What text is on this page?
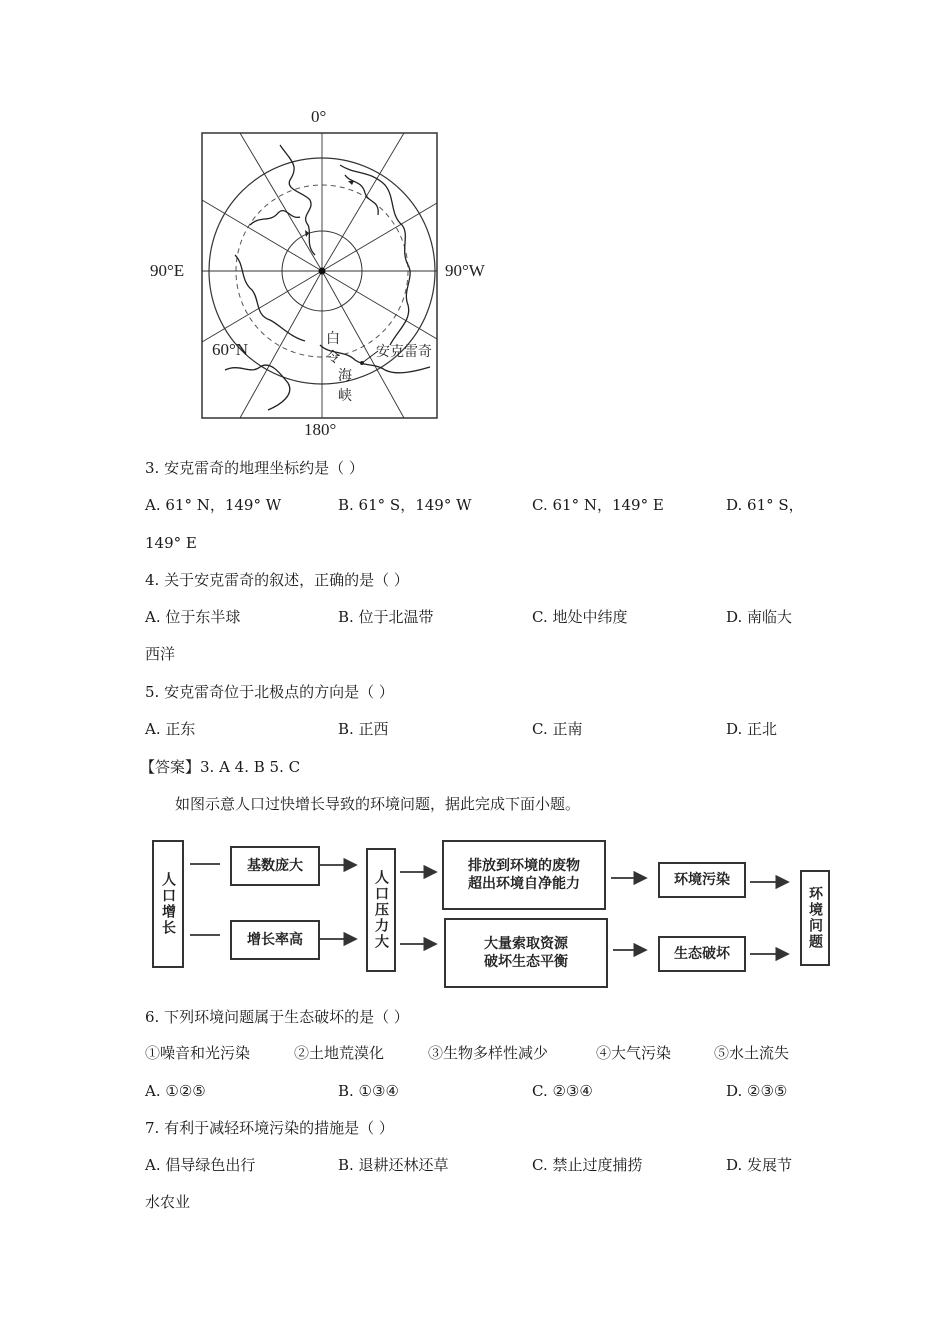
0°
90°E	90°W
180°
60°N
白
令
海
峡
安克雷奇
3. 安克雷奇的地理坐标约是（ ）
A. 61° N，149° W	B. 61° S，149° W	C. 61° N，149° E	D. 61° S，
149° E
4. 关于安克雷奇的叙述，正确的是（ ）
A. 位于东半球	B. 位于北温带	C. 地处中纬度	D. 南临大
西洋
5. 安克雷奇位于北极点的方向是（ ）
A. 正东	B. 正西	C. 正南	D. 正北
【答案】3. A 4. B 5. C
如图示意人口过快增长导致的环境问题，据此完成下面小题。
人口增长
基数庞大
增长率高	人口压力大
排放到环境的废物
超出环境自净能力
大量索取资源
破坏生态平衡
环境污染
生态破坏
环境问题
6. 下列环境问题属于生态破坏的是（ ）
①噪音和光污染	②土地荒漠化	③生物多样性减少	④大气污染	⑤水土流失
A. ①②⑤	B. ①③④	C. ②③④	D. ②③⑤
7. 有利于减轻环境污染的措施是（ ）
A. 倡导绿色出行	B. 退耕还林还草	C. 禁止过度捕捞	D. 发展节
水农业
